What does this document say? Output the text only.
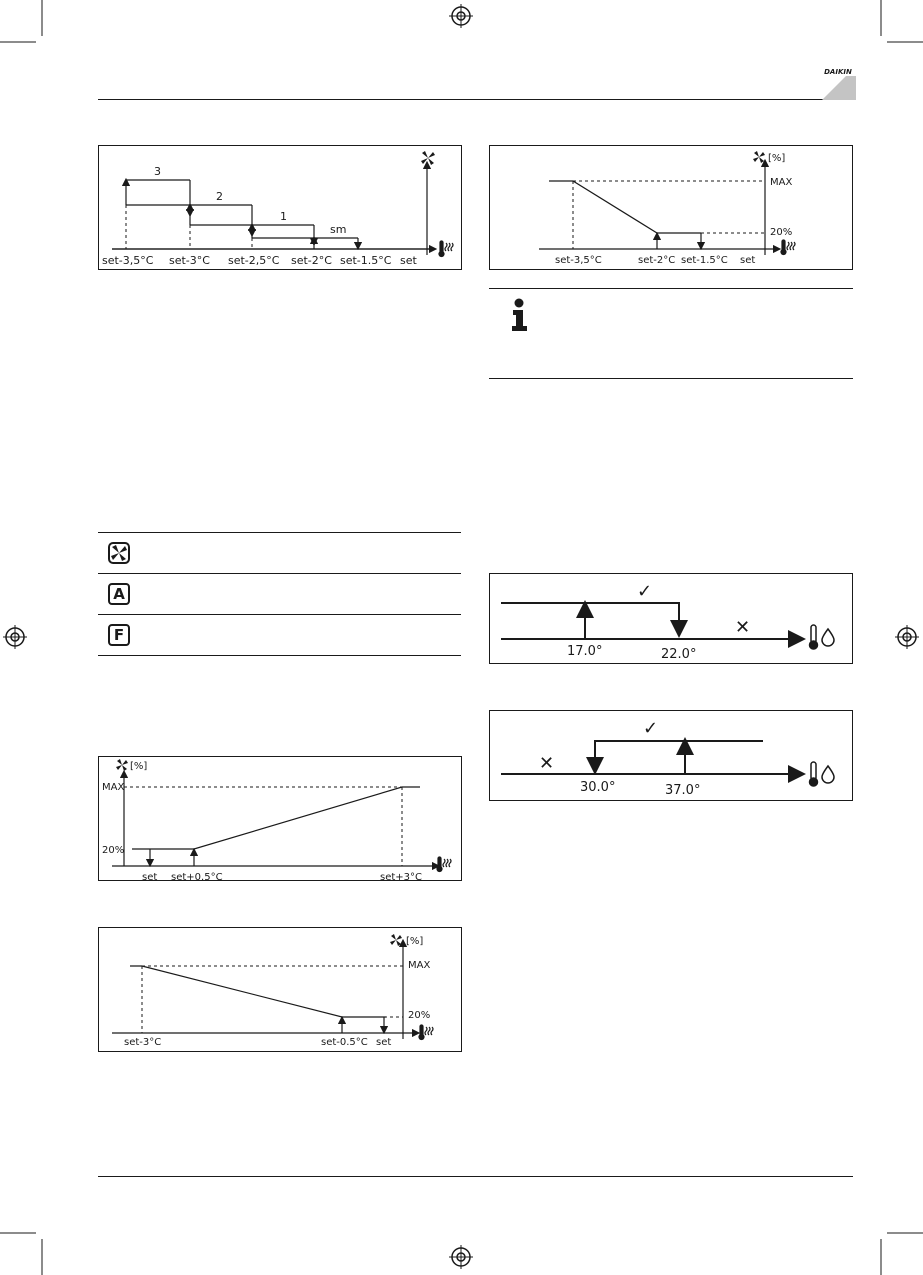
DAIKIN
3
2
1
sm
set-3,5°C set-3°C set-2,5°C set-2°C set-1.5°C set
[%]
MAX
20%
set-3,5°C	set-2°C set-1.5°C set
A
F
[%]
MAX
20%
set set+0.5°C	set+3°C
[%]
MAX
20%
set-3°C	set-0.5°C set
✓
✕
17.0°	22.0°
✓
✕
30.0°	37.0°
